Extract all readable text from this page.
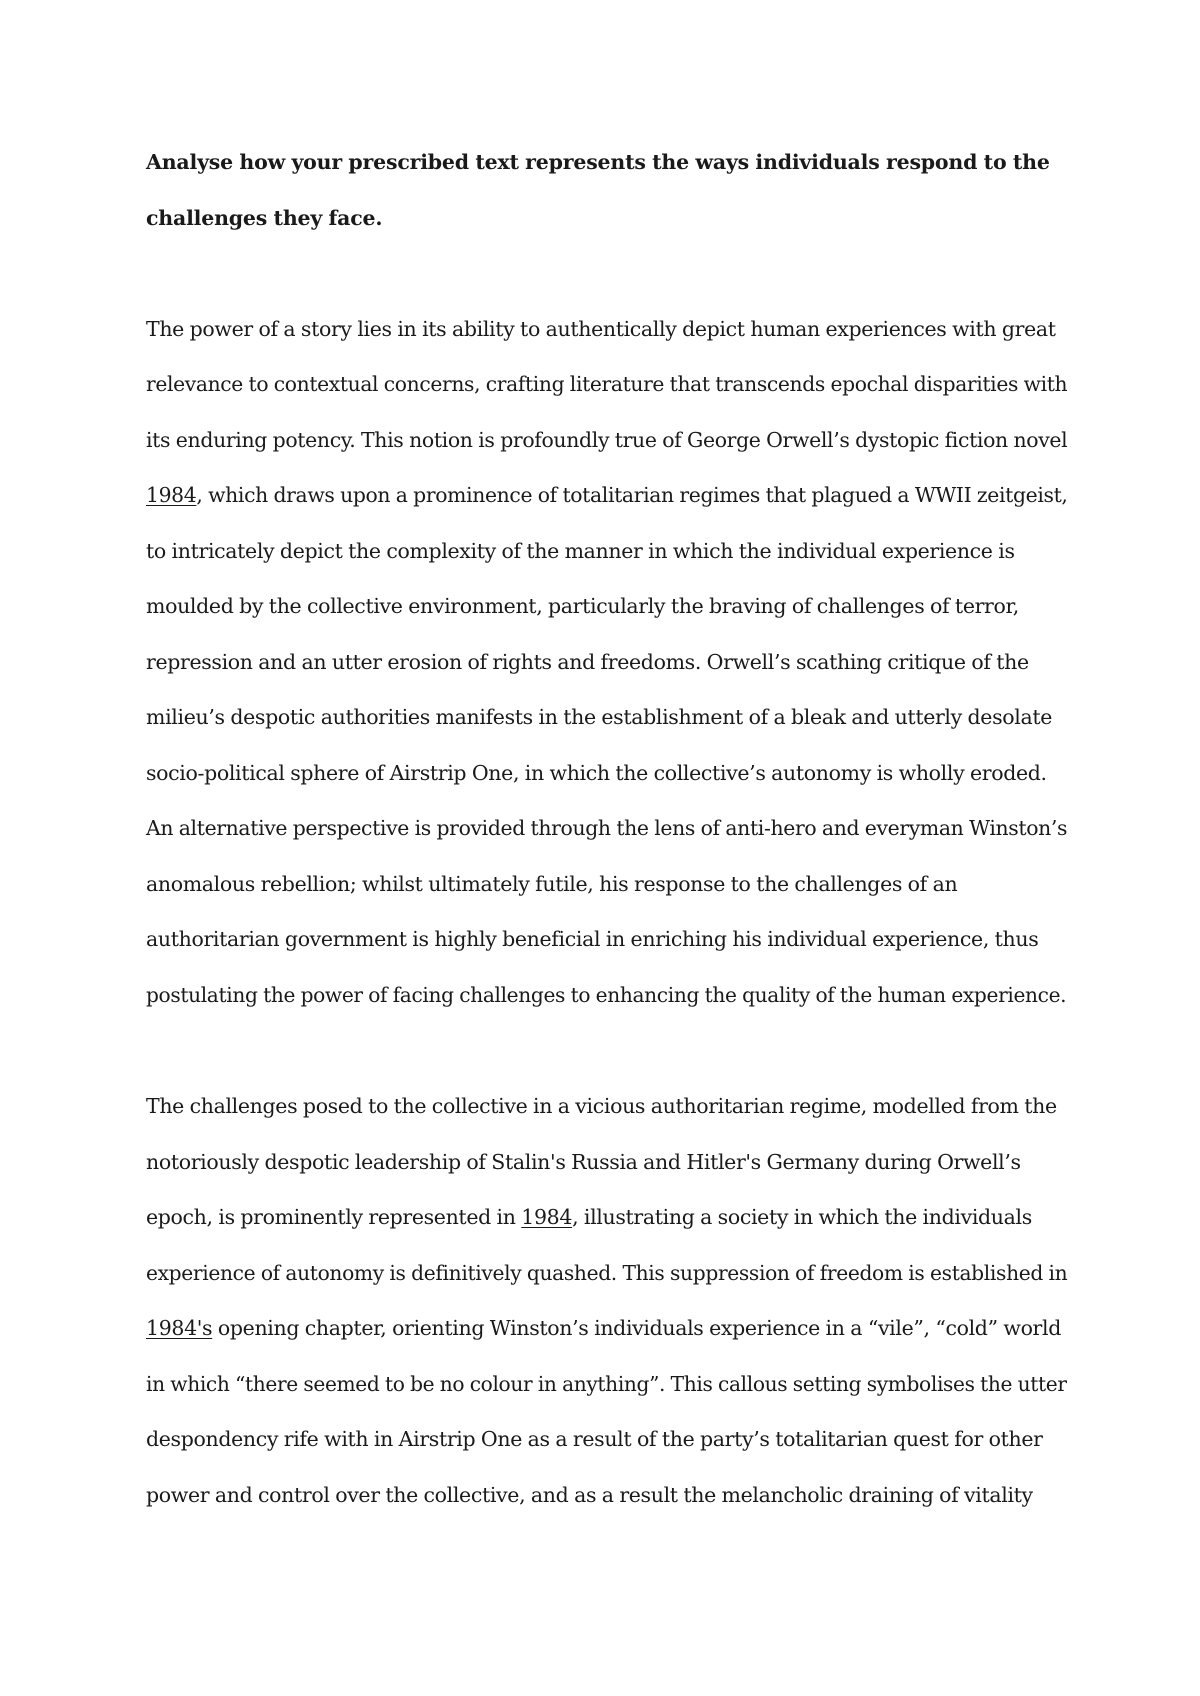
Analyse how your prescribed text represents the ways individuals respond to the
challenges they face.
The power of a story lies in its ability to authentically depict human experiences with great
relevance to contextual concerns, crafting literature that transcends epochal disparities with
its enduring potency. This notion is profoundly true of George Orwell’s dystopic fiction novel
1984, which draws upon a prominence of totalitarian regimes that plagued a WWII zeitgeist,
to intricately depict the complexity of the manner in which the individual experience is
moulded by the collective environment, particularly the braving of challenges of terror,
repression and an utter erosion of rights and freedoms. Orwell’s scathing critique of the
milieu’s despotic authorities manifests in the establishment of a bleak and utterly desolate
socio-political sphere of Airstrip One, in which the collective’s autonomy is wholly eroded.
An alternative perspective is provided through the lens of anti-hero and everyman Winston’s
anomalous rebellion; whilst ultimately futile, his response to the challenges of an
authoritarian government is highly beneficial in enriching his individual experience, thus
postulating the power of facing challenges to enhancing the quality of the human experience.
The challenges posed to the collective in a vicious authoritarian regime, modelled from the
notoriously despotic leadership of Stalin's Russia and Hitler's Germany during Orwell’s
epoch, is prominently represented in 1984, illustrating a society in which the individuals
experience of autonomy is definitively quashed. This suppression of freedom is established in
1984's opening chapter, orienting Winston’s individuals experience in a “vile”, “cold” world
in which “there seemed to be no colour in anything”. This callous setting symbolises the utter
despondency rife with in Airstrip One as a result of the party’s totalitarian quest for other
power and control over the collective, and as a result the melancholic draining of vitality
